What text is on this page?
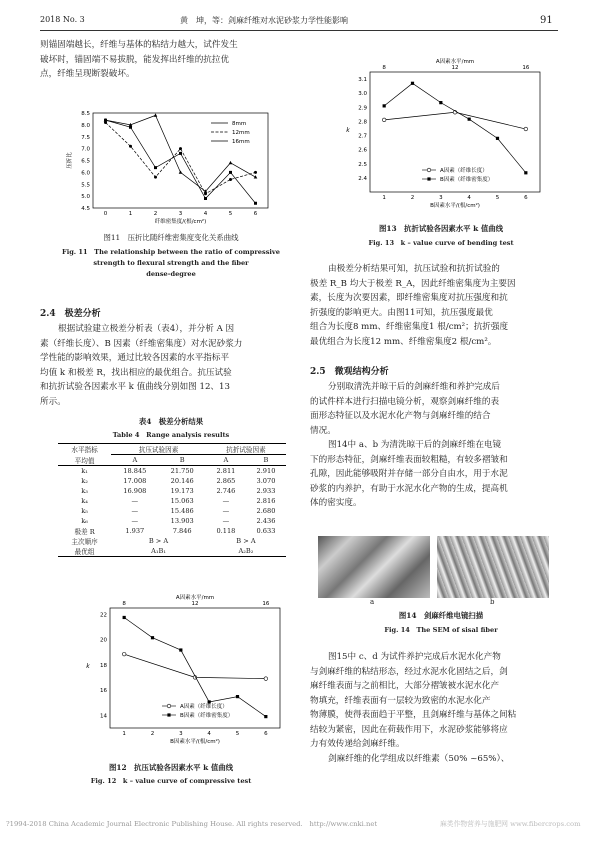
2018 No. 3	黄　坤，等：剑麻纤维对水泥砂浆力学性能影响	91
则锚固端越长，纤维与基体的粘结力越大，试件发生
破坏时，锚固端不易拔脱，能发挥出纤维的抗拉优
点，纤维呈现断裂破坏。
4.5
5.0
5.5
6.0
6.5
7.0
7.5
8.0
8.5
0	1	2	3	4	5	6
纤维密集度/(根/cm²)
压折比
8mm
12mm
16mm
图11　压折比随纤维密集度变化关系曲线
Fig. 11　The relationship between the ratio of compressive
strength to flexural strength and the fiber
dense-degree
2.4　极差分析
根据试验建立极差分析表（表4），并分析 A 因
素（纤维长度）、B 因素（纤维密集度）对水泥砂浆力
学性能的影响效果，通过比较各因素的水平指标平
均值 k 和极差 R，找出相应的最优组合。抗压试验
和抗折试验各因素水平 k 值曲线分别如图 12、13
所示。
表4　极差分析结果
Table 4　Range analysis results
水平指标	抗压试验因素		抗折试验因素	
平均值	A	B	A	B
k₁	18.845	21.750	2.811	2.910
k₂	17.008	20.146	2.865	3.070
k₃	16.908	19.173	2.746	2.933
k₄	—	15.063	—	2.816
k₅	—	15.486	—	2.680
k₆	—	13.903	—	2.436
极差 R	1.937	7.846	0.118	0.633
主次顺序	B > A		B > A	
最优组	A₁B₁		A₂B₂	
A因素水平/mm
8	12	16
1	2	3	4	5	6
14
16
18
20
22
B因素水平/(根/cm²)
k
A因素（纤维长度）
B因素（纤维密集度）
图12　抗压试验各因素水平 k 值曲线
Fig. 12　k – value curve of compressive test
A因素水平/mm
8	12	16
1	2	3	4	5	6
2.4
2.5
2.6
2.7
2.8
2.9
3.0
3.1
B因素水平/(根/cm²)
k
A因素（纤维长度）
B因素（纤维密集度）
图13　抗折试验各因素水平 k 值曲线
Fig. 13　k – value curve of bending test
由极差分析结果可知，抗压试验和抗折试验的
极差 R_B 均大于极差 R_A，因此纤维密集度为主要因
素，长度为次要因素，即纤维密集度对抗压强度和抗
折强度的影响更大。由图11可知，抗压强度最优
组合为长度8 mm、纤维密集度1 根/cm²；抗折强度
最优组合为长度12 mm、纤维密集度2 根/cm²。
2.5　微观结构分析
分别取清洗并晾干后的剑麻纤维和养护完成后
的试件样本进行扫描电镜分析，观察剑麻纤维的表
面形态特征以及水泥水化产物与剑麻纤维的结合
情况。
图14中 a、b 为清洗晾干后的剑麻纤维在电镜
下的形态特征，剑麻纤维表面较粗糙，有较多褶皱和
孔隙，因此能够吸附并存储一部分自由水，用于水泥
砂浆的内养护，有助于水泥水化产物的生成，提高机
体的密实度。
a	b
图14　剑麻纤维电镜扫描
Fig. 14　The SEM of sisal fiber
图15中 c、d 为试件养护完成后水泥水化产物
与剑麻纤维的粘结形态，经过水泥水化固结之后，剑
麻纤维表面与之前相比，大部分褶皱被水泥水化产
物填充，纤维表面有一层较为致密的水泥水化产
物薄膜，使得表面趋于平整，且剑麻纤维与基体之间粘
结较为紧密，因此在荷载作用下，水泥砂浆能够将应
力有效传递给剑麻纤维。
剑麻纤维的化学组成以纤维素（50% ~65%）、
?1994-2018 China Academic Journal Electronic Publishing House. All rights reserved.　http://www.cnki.net	麻类作物营养与施肥网 www.fibercrops.com
